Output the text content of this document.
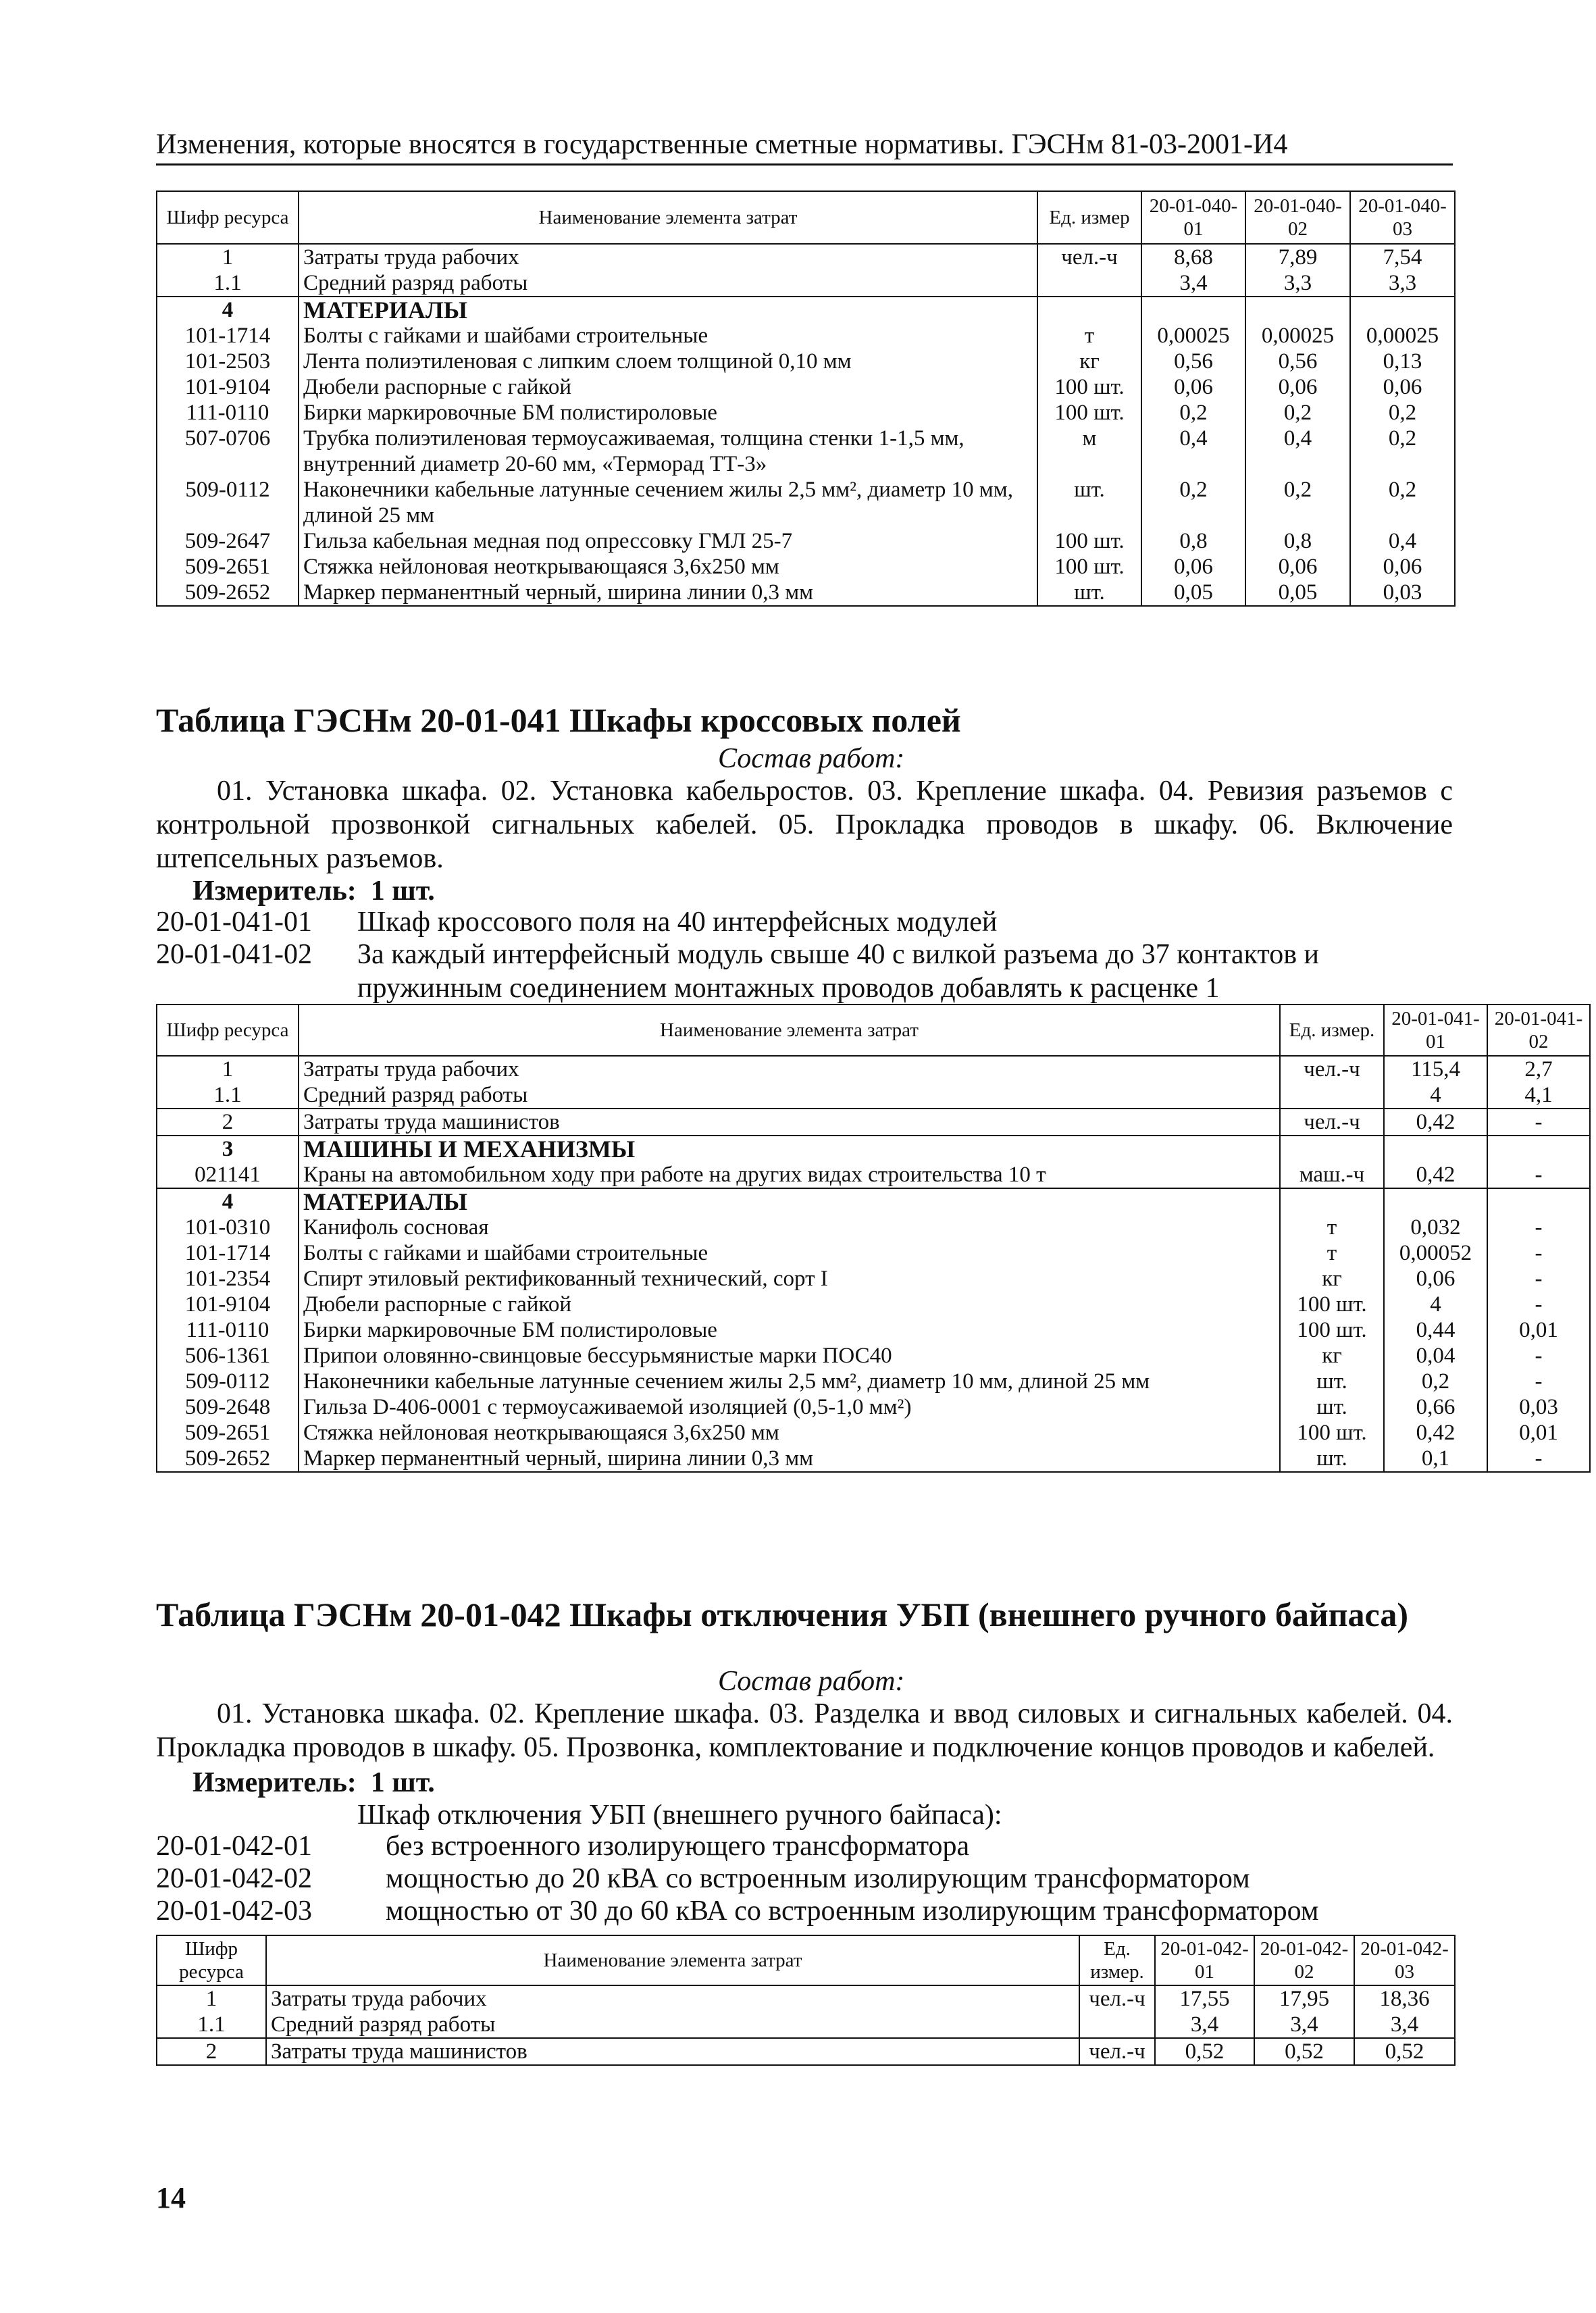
Изменения, которые вносятся в государственные сметные нормативы. ГЭСНм 81-03-2001-И4
Шифр ресурса	Наименование элемента затрат	Ед. измер	20-01-040-01	20-01-040-02	20-01-040-03
1	Затраты труда рабочих	чел.-ч	8,68	7,89	7,54
1.1	Средний разряд работы		3,4	3,3	3,3
4	МАТЕРИАЛЫ				
101-1714	Болты с гайками и шайбами строительные	т	0,00025	0,00025	0,00025
101-2503	Лента полиэтиленовая с липким слоем толщиной 0,10 мм	кг	0,56	0,56	0,13
101-9104	Дюбели распорные с гайкой	100 шт.	0,06	0,06	0,06
111-0110	Бирки маркировочные БМ полистироловые	100 шт.	0,2	0,2	0,2
507-0706	Трубка полиэтиленовая термоусаживаемая, толщина стенки 1-1,5 мм, внутренний диаметр 20-60 мм, «Терморад ТТ-3»	м	0,4	0,4	0,2
509-0112	Наконечники кабельные латунные сечением жилы 2,5 мм², диаметр 10 мм, длиной 25 мм	шт.	0,2	0,2	0,2
509-2647	Гильза кабельная медная под опрессовку ГМЛ 25-7	100 шт.	0,8	0,8	0,4
509-2651	Стяжка нейлоновая неоткрывающаяся 3,6x250 мм	100 шт.	0,06	0,06	0,06
509-2652	Маркер перманентный черный, ширина линии 0,3 мм	шт.	0,05	0,05	0,03
Таблица ГЭСНм 20-01-041 Шкафы кроссовых полей
Состав работ:
01. Установка шкафа. 02. Установка кабельростов. 03. Крепление шкафа. 04. Ревизия разъемов с контрольной прозвонкой сигнальных кабелей. 05. Прокладка проводов в шкафу. 06. Включение штепсельных разъемов.
Измеритель: 1 шт.
20-01-041-01 Шкаф кроссового поля на 40 интерфейсных модулей
20-01-041-02 За каждый интерфейсный модуль свыше 40 с вилкой разъема до 37 контактов и пружинным соединением монтажных проводов добавлять к расценке 1
Шифр ресурса	Наименование элемента затрат	Ед. измер.	20-01-041-01	20-01-041-02
1	Затраты труда рабочих	чел.-ч	115,4	2,7
1.1	Средний разряд работы		4	4,1
2	Затраты труда машинистов	чел.-ч	0,42	-
3	МАШИНЫ И МЕХАНИЗМЫ			
021141	Краны на автомобильном ходу при работе на других видах строительства 10 т	маш.-ч	0,42	-
4	МАТЕРИАЛЫ			
101-0310	Канифоль сосновая	т	0,032	-
101-1714	Болты с гайками и шайбами строительные	т	0,00052	-
101-2354	Спирт этиловый ректификованный технический, сорт I	кг	0,06	-
101-9104	Дюбели распорные с гайкой	100 шт.	4	-
111-0110	Бирки маркировочные БМ полистироловые	100 шт.	0,44	0,01
506-1361	Припои оловянно-свинцовые бессурьмянистые марки ПОС40	кг	0,04	-
509-0112	Наконечники кабельные латунные сечением жилы 2,5 мм², диаметр 10 мм, длиной 25 мм	шт.	0,2	-
509-2648	Гильза D-406-0001 с термоусаживаемой изоляцией (0,5-1,0 мм²)	шт.	0,66	0,03
509-2651	Стяжка нейлоновая неоткрывающаяся 3,6x250 мм	100 шт.	0,42	0,01
509-2652	Маркер перманентный черный, ширина линии 0,3 мм	шт.	0,1	-
Таблица ГЭСНм 20-01-042 Шкафы отключения УБП (внешнего ручного байпаса)
Состав работ:
01. Установка шкафа. 02. Крепление шкафа. 03. Разделка и ввод силовых и сигнальных кабелей. 04. Прокладка проводов в шкафу. 05. Прозвонка, комплектование и подключение концов проводов и кабелей.
Измеритель: 1 шт.
Шкаф отключения УБП (внешнего ручного байпаса):
20-01-042-01	без встроенного изолирующего трансформатора
20-01-042-02	мощностью до 20 кВА со встроенным изолирующим трансформатором
20-01-042-03	мощностью от 30 до 60 кВА со встроенным изолирующим трансформатором
Шифр ресурса	Наименование элемента затрат	Ед. измер.	20-01-042-01	20-01-042-02	20-01-042-03
1	Затраты труда рабочих	чел.-ч	17,55	17,95	18,36
1.1	Средний разряд работы		3,4	3,4	3,4
2	Затраты труда машинистов	чел.-ч	0,52	0,52	0,52
14
